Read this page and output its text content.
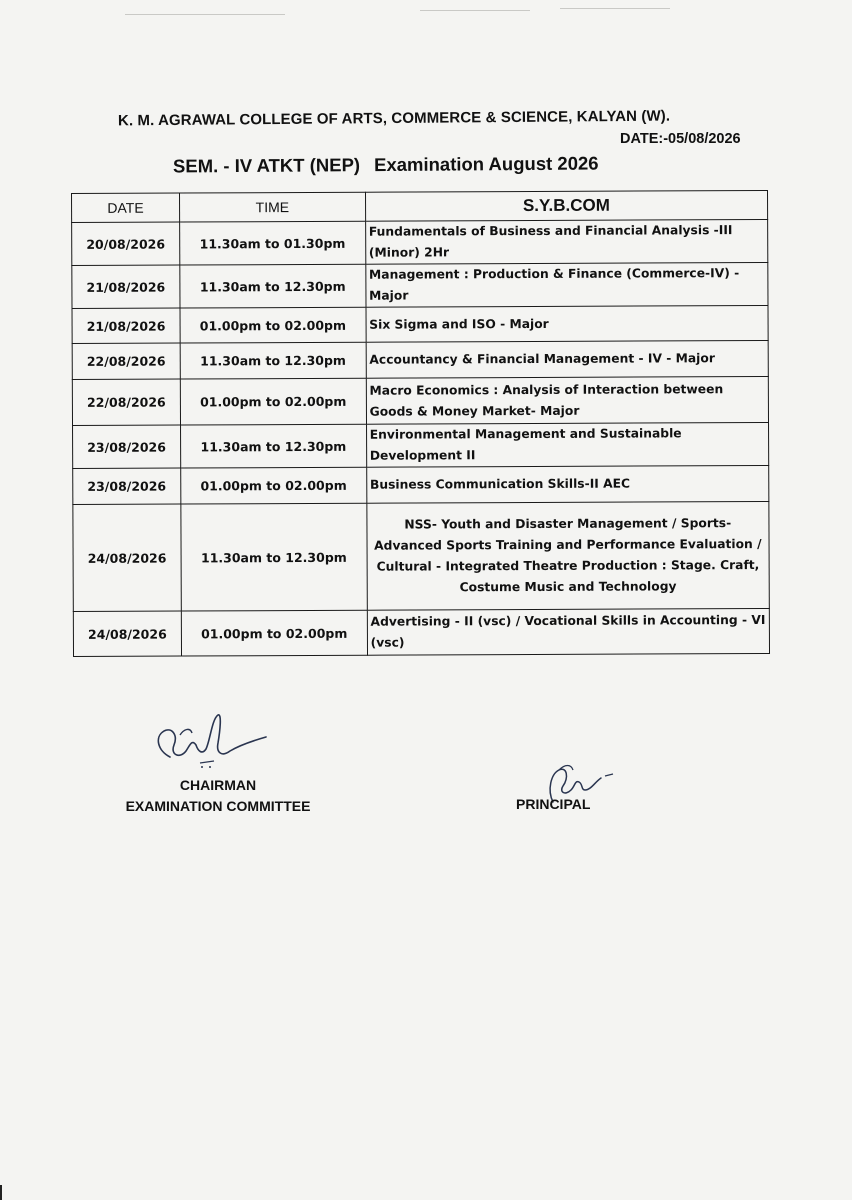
K. M. AGRAWAL COLLEGE OF ARTS, COMMERCE & SCIENCE, KALYAN (W).
DATE:-05/08/2026
SEM. - IV ATKT (NEP) Examination August 2026
DATE	TIME	S.Y.B.COM
20/08/2026	11.30am to 01.30pm	Fundamentals of Business and Financial Analysis -III (Minor) 2Hr
21/08/2026	11.30am to 12.30pm	Management : Production & Finance (Commerce-IV) - Major
21/08/2026	01.00pm to 02.00pm	Six Sigma and ISO - Major
22/08/2026	11.30am to 12.30pm	Accountancy & Financial Management - IV - Major
22/08/2026	01.00pm to 02.00pm	Macro Economics : Analysis of Interaction between Goods & Money Market- Major
23/08/2026	11.30am to 12.30pm	Environmental Management and Sustainable Development II
23/08/2026	01.00pm to 02.00pm	Business Communication Skills-II AEC
24/08/2026	11.30am to 12.30pm	NSS- Youth and Disaster Management / Sports- Advanced Sports Training and Performance Evaluation / Cultural - Integrated Theatre Production : Stage. Craft, Costume Music and Technology
24/08/2026	01.00pm to 02.00pm	Advertising - II (vsc) / Vocational Skills in Accounting - VI (vsc)
CHAIRMAN
EXAMINATION COMMITTEE	PRINCIPAL
